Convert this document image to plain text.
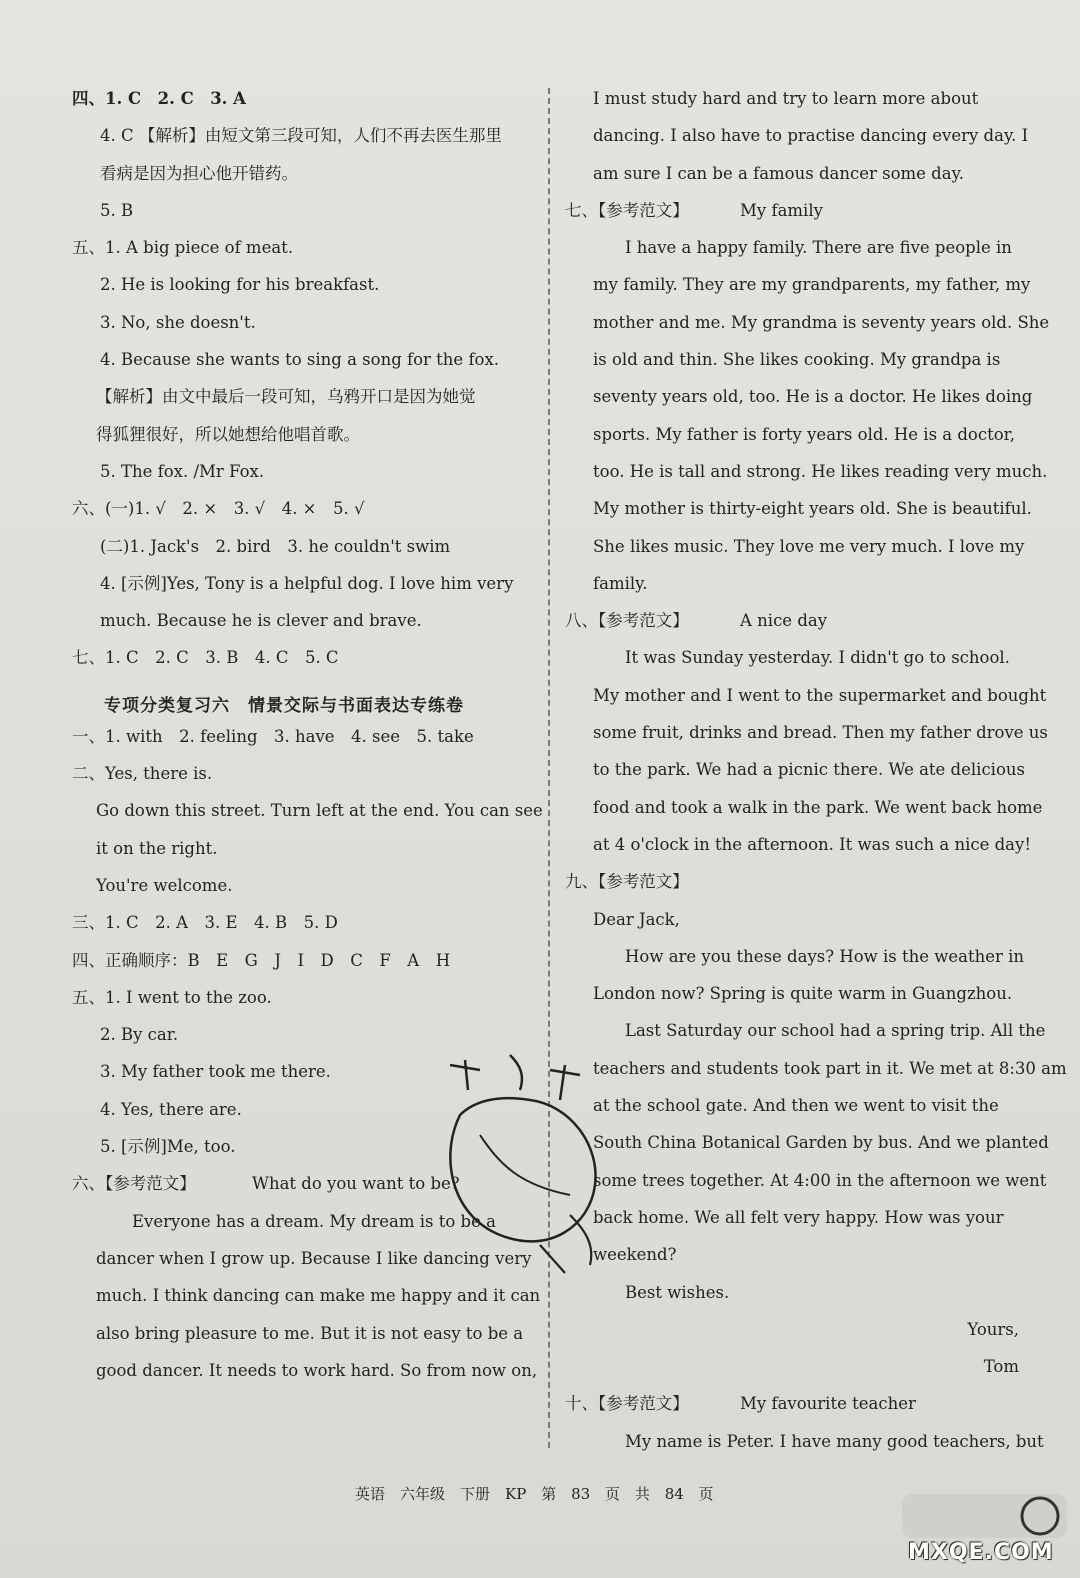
四、1. C　2. C　3. A
4. C 【解析】由短文第三段可知，人们不再去医生那里
看病是因为担心他开错药。
5. B
五、1. A big piece of meat.
2. He is looking for his breakfast.
3. No, she doesn't.
4. Because she wants to sing a song for the fox.
【解析】由文中最后一段可知，乌鸦开口是因为她觉
得狐狸很好，所以她想给他唱首歌。
5. The fox. /Mr Fox.
六、(一)1. √　2. ×　3. √　4. ×　5. √
(二)1. Jack's　2. bird　3. he couldn't swim
4. [示例]Yes, Tony is a helpful dog. I love him very
much. Because he is clever and brave.
七、1. C　2. C　3. B　4. C　5. C
专项分类复习六　情景交际与书面表达专练卷
一、1. with　2. feeling　3. have　4. see　5. take
二、Yes, there is.
Go down this street. Turn left at the end. You can see
it on the right.
You're welcome.
三、1. C　2. A　3. E　4. B　5. D
四、正确顺序：B　E　G　J　I　D　C　F　A　H
五、1. I went to the zoo.
2. By car.
3. My father took me there.
4. Yes, there are.
5. [示例]Me, too.
六、【参考范文】	What do you want to be?
Everyone has a dream. My dream is to be a
dancer when I grow up. Because I like dancing very
much. I think dancing can make me happy and it can
also bring pleasure to me. But it is not easy to be a
good dancer. It needs to work hard. So from now on,
I must study hard and try to learn more about
dancing. I also have to practise dancing every day. I
am sure I can be a famous dancer some day.
七、【参考范文】	My family
I have a happy family. There are five people in
my family. They are my grandparents, my father, my
mother and me. My grandma is seventy years old. She
is old and thin. She likes cooking. My grandpa is
seventy years old, too. He is a doctor. He likes doing
sports. My father is forty years old. He is a doctor,
too. He is tall and strong. He likes reading very much.
My mother is thirty-eight years old. She is beautiful.
She likes music. They love me very much. I love my
family.
八、【参考范文】	A nice day
It was Sunday yesterday. I didn't go to school.
My mother and I went to the supermarket and bought
some fruit, drinks and bread. Then my father drove us
to the park. We had a picnic there. We ate delicious
food and took a walk in the park. We went back home
at 4 o'clock in the afternoon. It was such a nice day!
九、【参考范文】
Dear Jack,
How are you these days? How is the weather in
London now? Spring is quite warm in Guangzhou.
Last Saturday our school had a spring trip. All the
teachers and students took part in it. We met at 8:30 am
at the school gate. And then we went to visit the
South China Botanical Garden by bus. And we planted
some trees together. At 4:00 in the afternoon we went
back home. We all felt very happy. How was your
weekend?
Best wishes.
Yours,
Tom
十、【参考范文】	My favourite teacher
My name is Peter. I have many good teachers, but
英语　六年级　下册　KP　第 83 页　共 84 页
MXQE.COM
